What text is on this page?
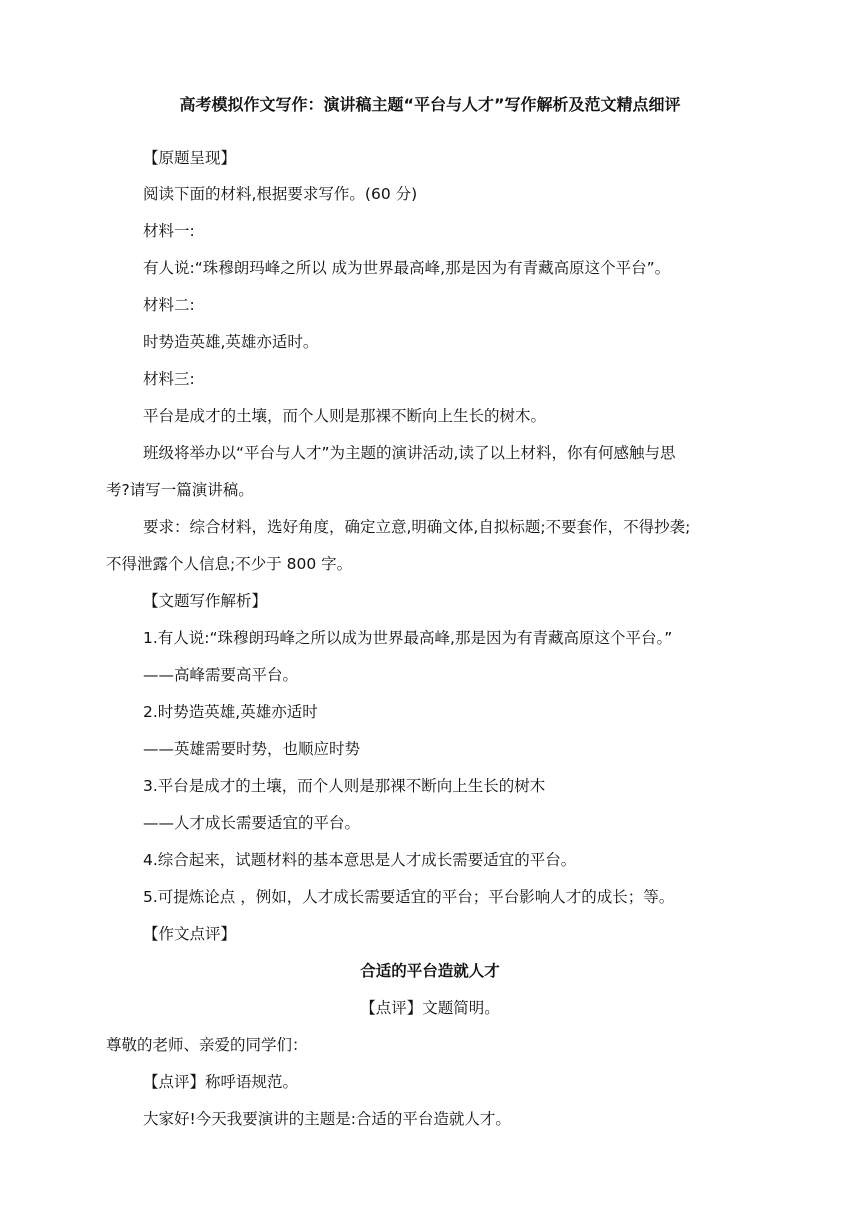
高考模拟作文写作：演讲稿主题“平台与人才”写作解析及范文精点细评
【原题呈现】
阅读下面的材料,根据要求写作。(60 分)
材料一:
有人说:“珠穆朗玛峰之所以 成为世界最高峰,那是因为有青藏高原这个平台”。
材料二:
时势造英雄,英雄亦适时。
材料三:
平台是成才的土壤，而个人则是那裸不断向上生长的树木。
班级将举办以“平台与人才”为主题的演讲活动,读了以上材料，你有何感触与思
考?请写一篇演讲稿。
要求：综合材料，选好角度，确定立意,明确文体,自拟标题;不要套作，不得抄袭;
不得泄露个人信息;不少于 800 字。
【文题写作解析】
1.有人说:“珠穆朗玛峰之所以成为世界最高峰,那是因为有青藏高原这个平台。”
——高峰需要高平台。
2.时势造英雄,英雄亦适时
——英雄需要时势，也顺应时势
3.平台是成才的土壤，而个人则是那裸不断向上生长的树木
——人才成长需要适宜的平台。
4.综合起来，试题材料的基本意思是人才成长需要适宜的平台。
5.可提炼论点 ，例如，人才成长需要适宜的平台；平台影响人才的成长；等。
【作文点评】
合适的平台造就人才
【点评】文题简明。
尊敬的老师、亲爱的同学们：
【点评】称呼语规范。
大家好!今天我要演讲的主题是:合适的平台造就人才。
